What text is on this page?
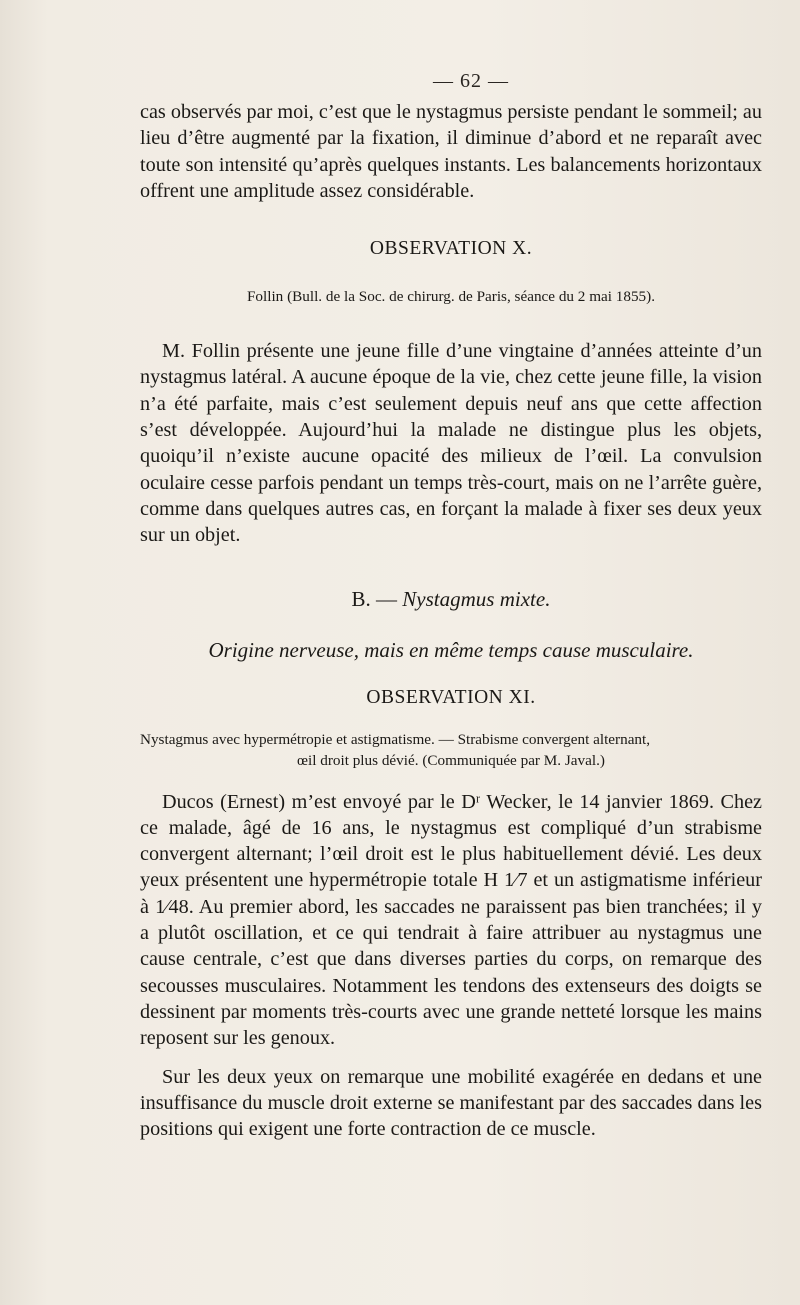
— 62 —

cas observés par moi, c’est que le nystagmus persiste pendant le sommeil; au lieu d’être augmenté par la fixation, il diminue d’abord et ne reparaît avec toute son intensité qu’après quelques instants. Les balancements horizontaux offrent une amplitude assez considérable.

OBSERVATION X.

Follin (Bull. de la Soc. de chirurg. de Paris, séance du 2 mai 1855).

M. Follin présente une jeune fille d’une vingtaine d’années atteinte d’un nystagmus latéral. A aucune époque de la vie, chez cette jeune fille, la vision n’a été parfaite, mais c’est seulement depuis neuf ans que cette affection s’est développée. Aujourd’hui la malade ne distingue plus les objets, quoiqu’il n’existe aucune opacité des milieux de l’œil. La convulsion oculaire cesse parfois pendant un temps très-court, mais on ne l’arrête guère, comme dans quelques autres cas, en forçant la malade à fixer ses deux yeux sur un objet.

B. — Nystagmus mixte.

Origine nerveuse, mais en même temps cause musculaire.

OBSERVATION XI.

Nystagmus avec hypermétropie et astigmatisme. — Strabisme convergent alternant,
œil droit plus dévié. (Communiquée par M. Javal.)

Ducos (Ernest) m’est envoyé par le Dʳ Wecker, le 14 janvier 1869. Chez ce malade, âgé de 16 ans, le nystagmus est compliqué d’un strabisme convergent alternant; l’œil droit est le plus habituellement dévié. Les deux yeux présentent une hypermétropie totale H 1⁄7 et un astigmatisme inférieur à 1⁄48. Au premier abord, les saccades ne paraissent pas bien tranchées; il y a plutôt oscillation, et ce qui tendrait à faire attribuer au nystagmus une cause centrale, c’est que dans diverses parties du corps, on remarque des secousses musculaires. Notamment les tendons des extenseurs des doigts se dessinent par moments très-courts avec une grande netteté lorsque les mains reposent sur les genoux.

Sur les deux yeux on remarque une mobilité exagérée en dedans et une insuffisance du muscle droit externe se manifestant par des saccades dans les positions qui exigent une forte contraction de ce muscle.
